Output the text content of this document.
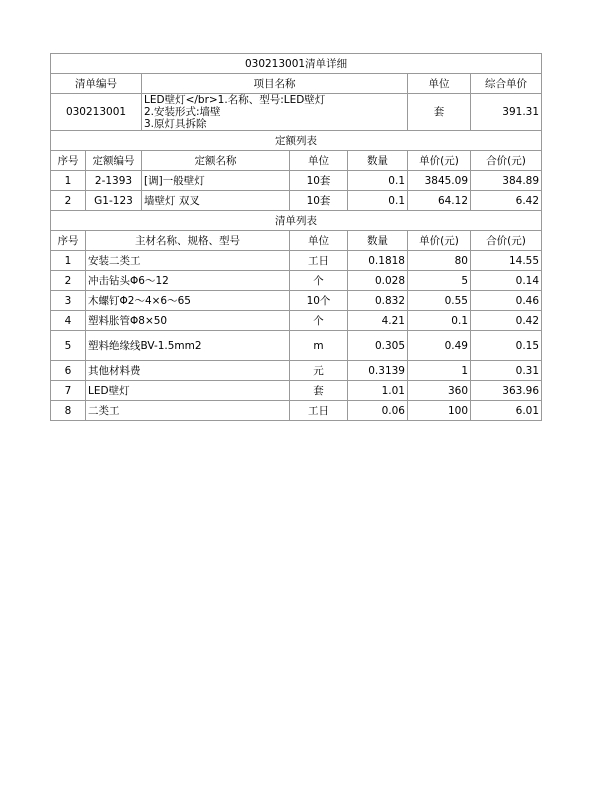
030213001清单详细						
清单编号		项目名称			单位	综合单价
030213001		LED壁灯</br>1.名称、型号:LED壁灯
2.安装形式:墙壁
3.原灯具拆除			套	391.31
定额列表						
序号	定额编号	定额名称	单位	数量	单价(元)	合价(元)
1	2-1393	[调]一般壁灯	10套	0.1	3845.09	384.89
2	G1-123	墙壁灯 双叉	10套	0.1	64.12	6.42
清单列表						
序号	主材名称、规格、型号		单位	数量	单价(元)	合价(元)
1	安装二类工		工日	0.1818	80	14.55
2	冲击钻头Φ6～12		个	0.028	5	0.14
3	木螺钉Φ2～4×6～65		10个	0.832	0.55	0.46
4	塑料胀管Φ8×50		个	4.21	0.1	0.42
5	塑料绝缘线BV-1.5mm2		m	0.305	0.49	0.15
6	其他材料费		元	0.3139	1	0.31
7	LED壁灯		套	1.01	360	363.96
8	二类工		工日	0.06	100	6.01
